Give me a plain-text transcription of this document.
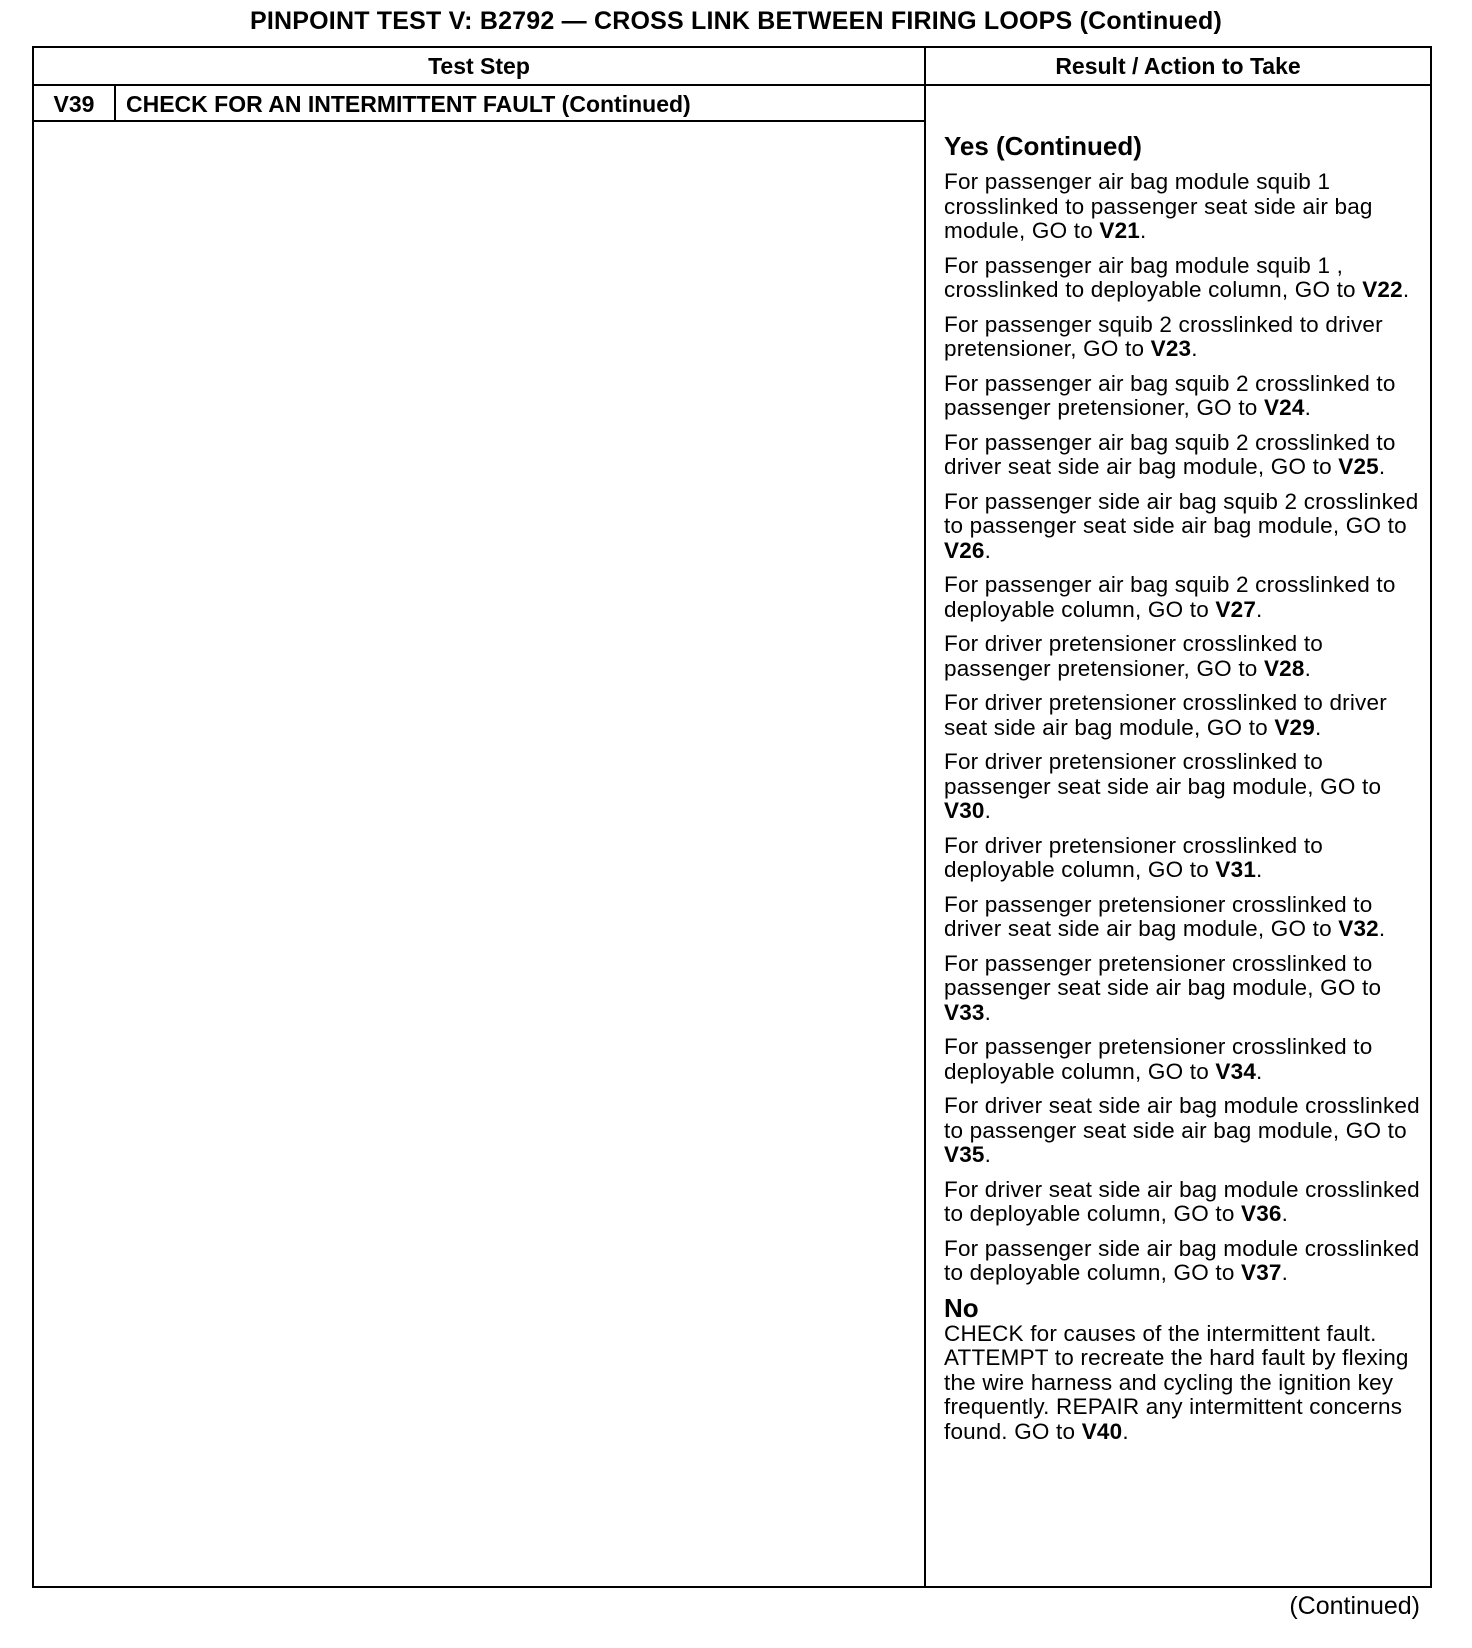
PINPOINT TEST V: B2792 — CROSS LINK BETWEEN FIRING LOOPS (Continued)
Test Step	Result / Action to Take
V39	CHECK FOR AN INTERMITTENT FAULT (Continued)
Yes (Continued)
For passenger air bag module squib 1 crosslinked to passenger seat side air bag module, GO to V21.
For passenger air bag module squib 1 , crosslinked to deployable column, GO to V22.
For passenger squib 2 crosslinked to driver pretensioner, GO to V23.
For passenger air bag squib 2 crosslinked to passenger pretensioner, GO to V24.
For passenger air bag squib 2 crosslinked to driver seat side air bag module, GO to V25.
For passenger side air bag squib 2 crosslinked to passenger seat side air bag module, GO to V26.
For passenger air bag squib 2 crosslinked to deployable column, GO to V27.
For driver pretensioner crosslinked to passenger pretensioner, GO to V28.
For driver pretensioner crosslinked to driver seat side air bag module, GO to V29.
For driver pretensioner crosslinked to passenger seat side air bag module, GO to V30.
For driver pretensioner crosslinked to deployable column, GO to V31.
For passenger pretensioner crosslinked to driver seat side air bag module, GO to V32.
For passenger pretensioner crosslinked to passenger seat side air bag module, GO to V33.
For passenger pretensioner crosslinked to deployable column, GO to V34.
For driver seat side air bag module crosslinked to passenger seat side air bag module, GO to V35.
For driver seat side air bag module crosslinked to deployable column, GO to V36.
For passenger side air bag module crosslinked to deployable column, GO to V37.
No
CHECK for causes of the intermittent fault. ATTEMPT to recreate the hard fault by flexing the wire harness and cycling the ignition key frequently. REPAIR any intermittent concerns found. GO to V40.
(Continued)
